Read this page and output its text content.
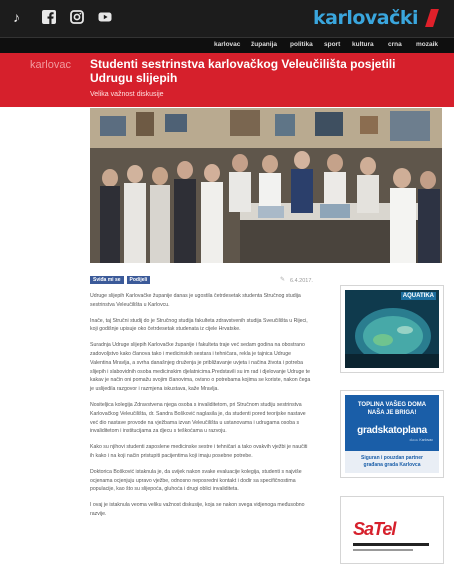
♪	karlovački
karlovac županija politika sport kultura crna mozaik
karlovac Studenti sestrinstva karlovačkog Veleučilišta posjetili Udrugu slijepih
Velika važnost diskusije
Sviđa mi se	Podijeli	✎ 6.4.2017.

Udruge slijepih Karlovačke županije danas je ugostila četrdesetak studenta Stručnog studija sestrinstva Veleučilišta u Karlovcu.

Inače, taj Stručni studij do je Stručnog studija fakulteta zdravstvenih studija Sveučilišta u Rijeci, koji godišnje upisuje oko četrdesetak studenata iz cijele Hrvatske.

Suradnja Udruge slijepih Karlovačke županije i fakulteta traje već sedam godina na obostrano zadovoljstvo kako članova tako i medicinskih sestara i tehničara, rekla je tajnica Udruge Valentina Mravlja, a svrha današnjeg druženja je približavanje uvjeta i načina života i potreba slijepih i slabovidnih osoba medicinskim djelatnicima.Predstavili su im rad i djelovanje Udruge te kakav je način oni pomažu svojim članovima, ovisno o potrebama kojima se koriste, nakon čega je uslijedila razgovor i razmjena iskustava, kaže Mravlja.

Nositeljica kolegija Zdravstvena njega osoba s invaliditetom, pri Stručnom studiju sestrinstva Karlovačkog Veleučilišta, dr. Sandra Bošković naglasila je, da studenti pored teorijske nastave već dio nastave provode na vježbama izvan Veleučilišta u ustanovama i udrugama osoba s invaliditetom i institucijama za djecu s teškoćama u razvoju.

Kako su njihovi studenti zaposlene medicinske sestre i tehničari a tako ovakvih vježbi je naučiti ih kako i na koji način pristupiti pacijentima koji imaju posebne potrebe.

Doktorica Bošković istaknula je, da uvijek nakon svake evaluacije kolegija, studenti s najviše ocjenama ocjenjuju upravo vježbe, odnosno neposredni kontakt i dodir sa specifičnostima populacije, kao što su slijepoća, gluhoća i drugi oblici invaliditeta.

I ovaj je istaknula veoma veliku važnost diskusije, koja se nakon svega vidjenoga međusobno razvije.

AQUATIKA
TOPLINA VAŠEG DOMA NAŠA JE BRIGA!
gradskatoplana
d.o.o. Karlovac
Siguran i pouzdan partner građana grada Karlovca
SaTel
